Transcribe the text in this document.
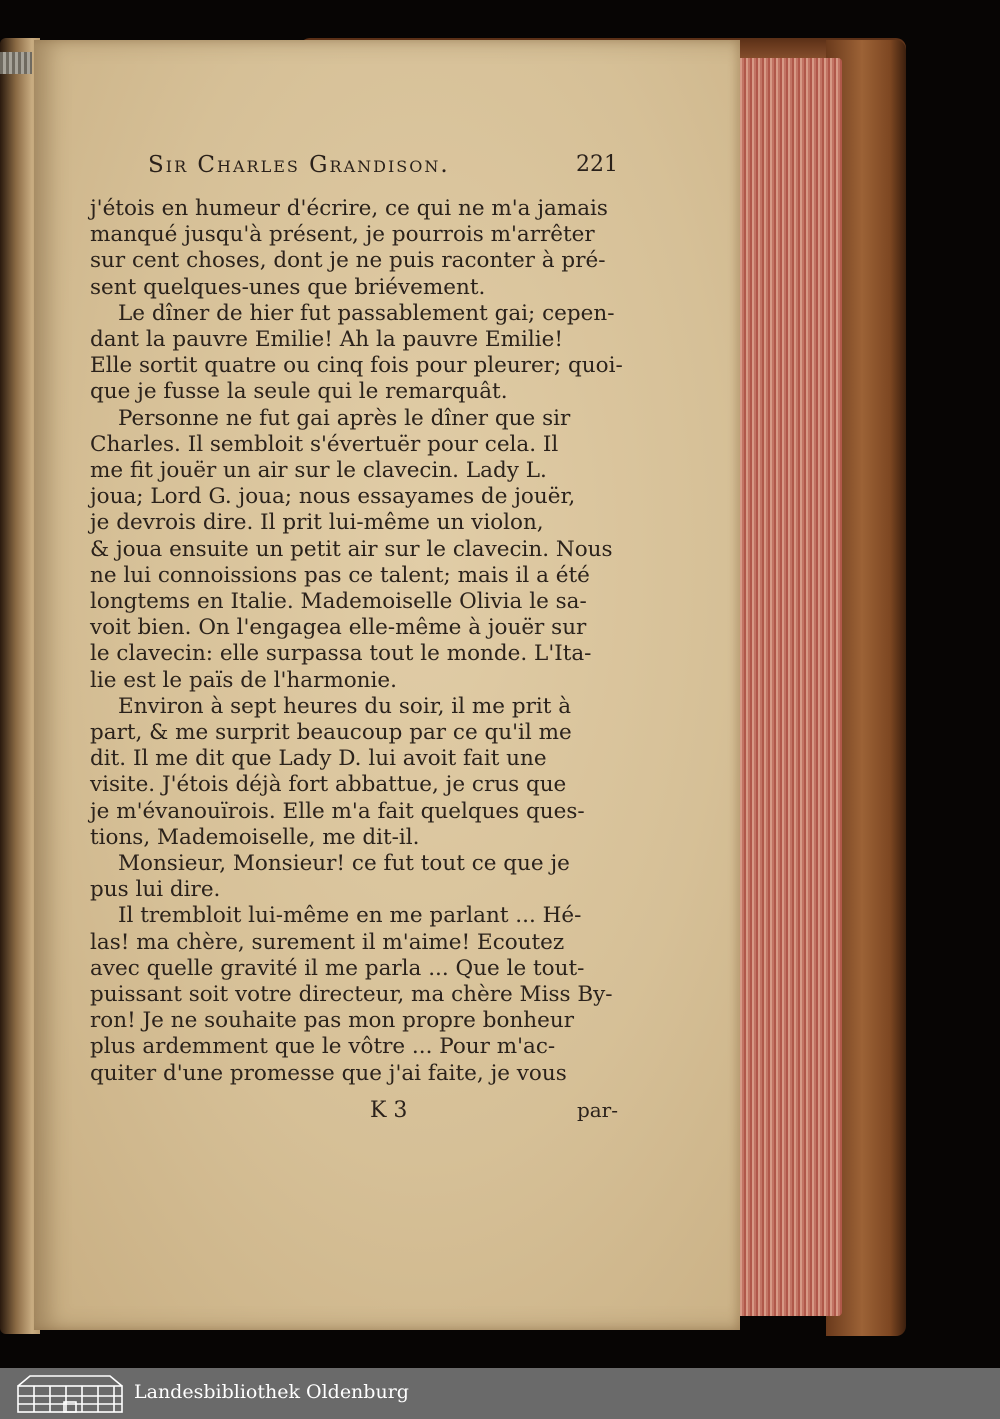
Sir Charles Grandison.	221
j'étois en humeur d'écrire, ce qui ne m'a jamais
manqué jusqu'à présent, je pourrois m'arrêter
sur cent choses, dont je ne puis raconter à pré-
sent quelques-unes que briévement.
Le dîner de hier fut passablement gai; cepen-
dant la pauvre Emilie! Ah la pauvre Emilie!
Elle sortit quatre ou cinq fois pour pleurer; quoi-
que je fusse la seule qui le remarquât.
Personne ne fut gai après le dîner que sir
Charles. Il sembloit s'évertuër pour cela. Il
me fit jouër un air sur le clavecin. Lady L.
joua; Lord G. joua; nous essayames de jouër,
je devrois dire. Il prit lui-même un violon,
& joua ensuite un petit air sur le clavecin. Nous
ne lui connoissions pas ce talent; mais il a été
longtems en Italie. Mademoiselle Olivia le sa-
voit bien. On l'engagea elle-même à jouër sur
le clavecin: elle surpassa tout le monde. L'Ita-
lie est le païs de l'harmonie.
Environ à sept heures du soir, il me prit à
part, & me surprit beaucoup par ce qu'il me
dit. Il me dit que Lady D. lui avoit fait une
visite. J'étois déjà fort abbattue, je crus que
je m'évanouïrois. Elle m'a fait quelques ques-
tions, Mademoiselle, me dit-il.
Monsieur, Monsieur! ce fut tout ce que je
pus lui dire.
Il trembloit lui-même en me parlant ... Hé-
las! ma chère, surement il m'aime! Ecoutez
avec quelle gravité il me parla ... Que le tout-
puissant soit votre directeur, ma chère Miss By-
ron! Je ne souhaite pas mon propre bonheur
plus ardemment que le vôtre ... Pour m'ac-
quiter d'une promesse que j'ai faite, je vous
K 3	par-
Landesbibliothek Oldenburg
